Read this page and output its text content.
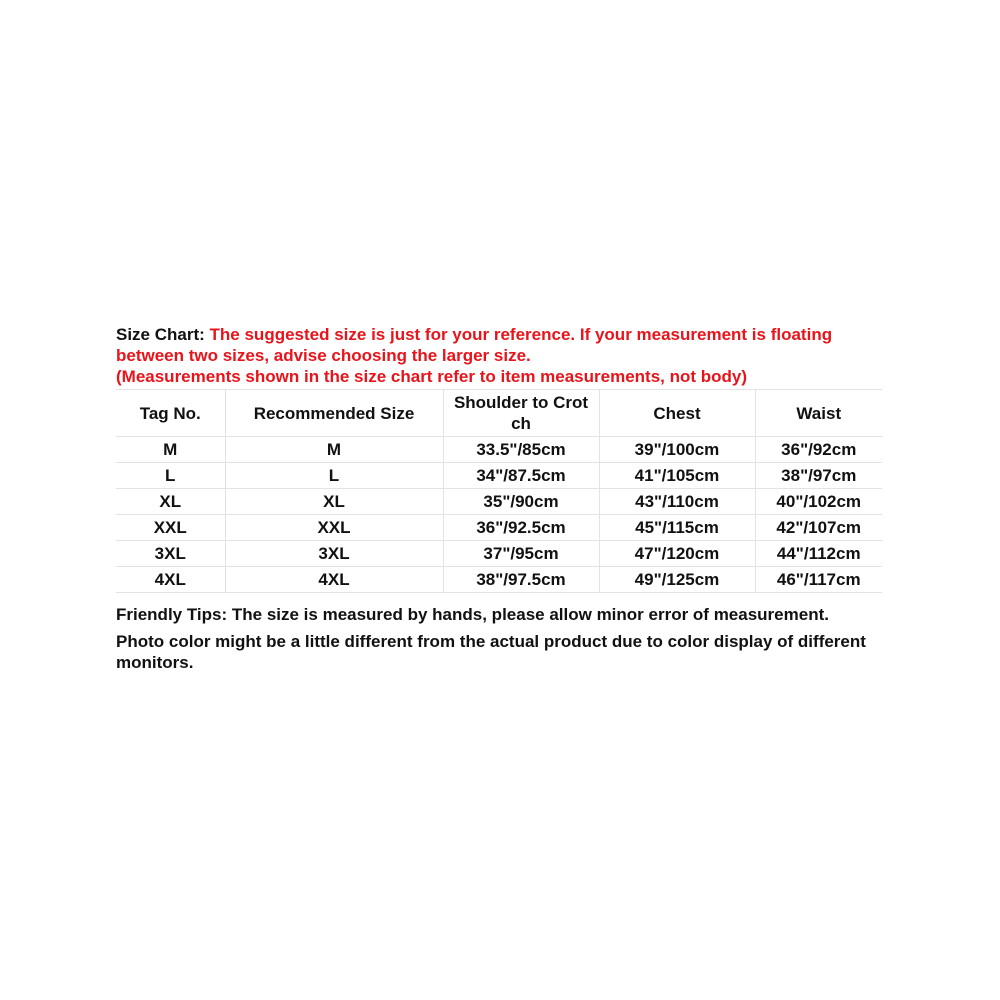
Size Chart: The suggested size is just for your reference. If your measurement is floating between two sizes, advise choosing the larger size.
(Measurements shown in the size chart refer to item measurements, not body)

Tag No.	Recommended Size	Shoulder to Crotch	Chest	Waist
M	M	33.5"/85cm	39"/100cm	36"/92cm
L	L	34"/87.5cm	41"/105cm	38"/97cm
XL	XL	35"/90cm	43"/110cm	40"/102cm
XXL	XXL	36"/92.5cm	45"/115cm	42"/107cm
3XL	3XL	37"/95cm	47"/120cm	44"/112cm
4XL	4XL	38"/97.5cm	49"/125cm	46"/117cm

Friendly Tips: The size is measured by hands, please allow minor error of measurement.

Photo color might be a little different from the actual product due to color display of different monitors.
